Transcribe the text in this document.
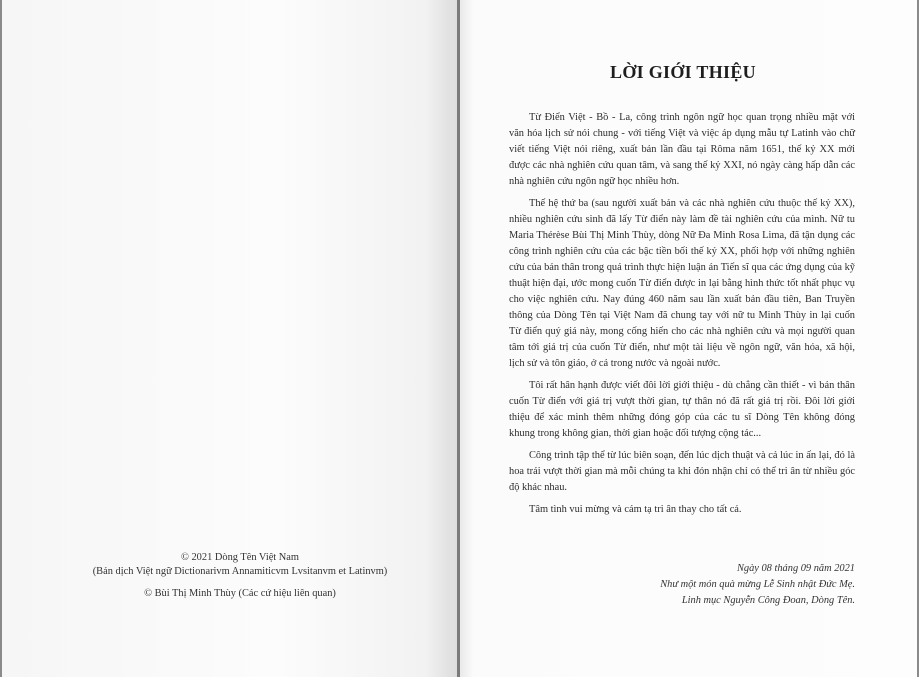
© 2021 Dòng Tên Việt Nam
(Bản dịch Việt ngữ Dictionarivm Annamiticvm Lvsitanvm et Latinvm)
© Bùi Thị Minh Thùy (Các cứ hiệu liên quan)
LỜI GIỚI THIỆU

Từ Điển Việt - Bồ - La, công trình ngôn ngữ học quan trọng nhiều mặt với văn hóa lịch sử nói chung - với tiếng Việt và việc áp dụng mẫu tự Latinh vào chữ viết tiếng Việt nói riêng, xuất bản lần đầu tại Rôma năm 1651, thế kỷ XX mới được các nhà nghiên cứu quan tâm, và sang thế kỷ XXI, nó ngày càng hấp dẫn các nhà nghiên cứu ngôn ngữ học nhiều hơn.

Thế hệ thứ ba (sau người xuất bản và các nhà nghiên cứu thuộc thế kỷ XX), nhiều nghiên cứu sinh đã lấy Từ điển này làm đề tài nghiên cứu của mình. Nữ tu Maria Thérèse Bùi Thị Minh Thùy, dòng Nữ Đa Minh Rosa Lima, đã tận dụng các công trình nghiên cứu của các bậc tiền bối thế kỷ XX, phối hợp với những nghiên cứu của bản thân trong quá trình thực hiện luận án Tiến sĩ qua các ứng dụng của kỹ thuật hiện đại, ước mong cuốn Từ điển được in lại bằng hình thức tốt nhất phục vụ cho việc nghiên cứu. Nay đúng 460 năm sau lần xuất bản đầu tiên, Ban Truyền thông của Dòng Tên tại Việt Nam đã chung tay với nữ tu Minh Thùy in lại cuốn Từ điển quý giá này, mong cống hiến cho các nhà nghiên cứu và mọi người quan tâm tới giá trị của cuốn Từ điển, như một tài liệu về ngôn ngữ, văn hóa, xã hội, lịch sử và tôn giáo, ở cả trong nước và ngoài nước.

Tôi rất hân hạnh được viết đôi lời giới thiệu - dù chẳng cần thiết - vì bản thân cuốn Từ điển với giá trị vượt thời gian, tự thân nó đã rất giá trị rồi. Đôi lời giới thiệu để xác minh thêm những đóng góp của các tu sĩ Dòng Tên không đóng khung trong không gian, thời gian hoặc đối tượng cộng tác...

Công trình tập thể từ lúc biên soạn, đến lúc dịch thuật và cả lúc in ấn lại, đó là hoa trái vượt thời gian mà mỗi chúng ta khi đón nhận chỉ có thể tri ân từ nhiều góc độ khác nhau.

Tâm tình vui mừng và cám tạ tri ân thay cho tất cả.

Ngày 08 tháng 09 năm 2021
Như một món quà mừng Lễ Sinh nhật Đức Mẹ.
Linh mục Nguyễn Công Đoan, Dòng Tên.
